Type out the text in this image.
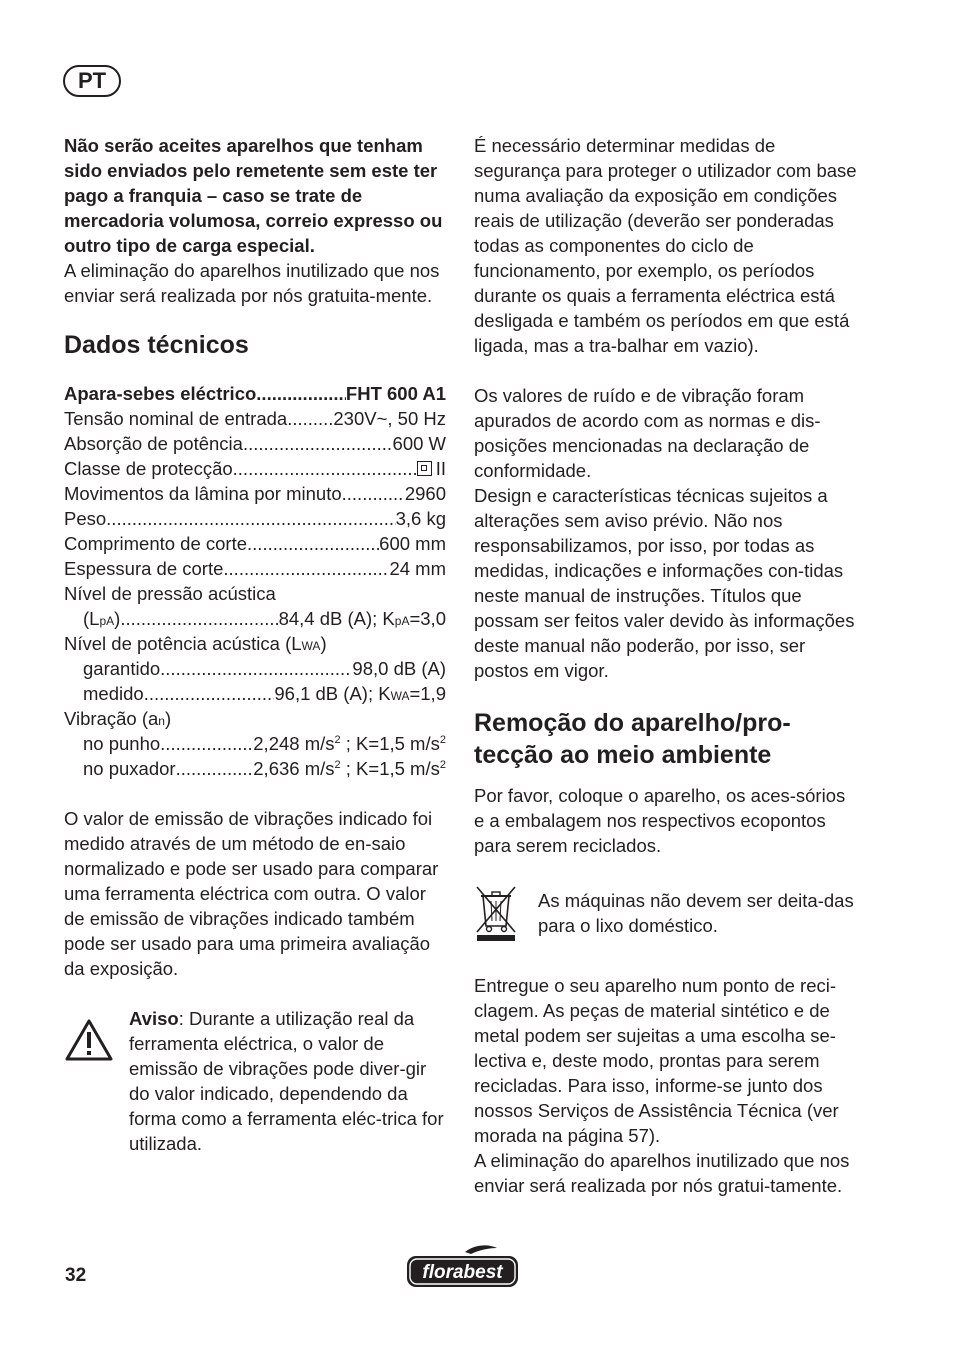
PT

Não serão aceites aparelhos que tenham sido enviados pelo remetente sem este ter pago a franquia – caso se trate de mercadoria volumosa, correio expresso ou outro tipo de carga especial.

A eliminação do aparelhos inutilizado que nos enviar será realizada por nós gratuita-mente.

Dados técnicos
Apara-sebes eléctrico .....	FHT 600 A1
Tensão nominal de entrada ..... 230V~, 50 Hz
Absorção de potência .....	600 W
Classe de protecção .....	II
Movimentos da lâmina por minuto .....	2960
Peso .....	3,6 kg
Comprimento de corte .....	600 mm
Espessura de corte .....	24 mm
Nível de pressão acústica
(LpA) .....	84,4 dB (A); KpA=3,0
Nível de potência acústica (LWA)
garantido .....	98,0 dB (A)
medido .....	96,1 dB (A); KWA=1,9
Vibração (an)
no punho .....	2,248 $m/s^2$ ; K=1,5 $m/s^2$
no puxador .....	2,636 $m/s^2$ ; K=1,5 $m/s^2$

O valor de emissão de vibrações indicado foi medido através de um método de en-saio normalizado e pode ser usado para comparar uma ferramenta eléctrica com outra. O valor de emissão de vibrações indicado também pode ser usado para uma primeira avaliação da exposição.

Aviso: Durante a utilização real da ferramenta eléctrica, o valor de emissão de vibrações pode diver-gir do valor indicado, dependendo da forma como a ferramenta eléc-trica for utilizada.

É necessário determinar medidas de segurança para proteger o utilizador com base numa avaliação da exposição em condições reais de utilização (deverão ser ponderadas todas as componentes do ciclo de funcionamento, por exemplo, os períodos durante os quais a ferramenta eléctrica está desligada e também os períodos em que está ligada, mas a tra-balhar em vazio).

Os valores de ruído e de vibração foram apurados de acordo com as normas e dis-posições mencionadas na declaração de conformidade.

Design e características técnicas sujeitos a alterações sem aviso prévio. Não nos responsabilizamos, por isso, por todas as medidas, indicações e informações con-tidas neste manual de instruções. Títulos que possam ser feitos valer devido às informações deste manual não poderão, por isso, ser postos em vigor.

Remoção do aparelho/pro-tecção ao meio ambiente

Por favor, coloque o aparelho, os aces-sórios e a embalagem nos respectivos ecopontos para serem reciclados.

As máquinas não devem ser deita-das para o lixo doméstico.

Entregue o seu aparelho num ponto de reci-clagem. As peças de material sintético e de metal podem ser sujeitas a uma escolha se-lectiva e, deste modo, prontas para serem recicladas. Para isso, informe-se junto dos nossos Serviços de Assistência Técnica (ver morada na página 57).

A eliminação do aparelhos inutilizado que nos enviar será realizada por nós gratui-tamente.

32	florabest
